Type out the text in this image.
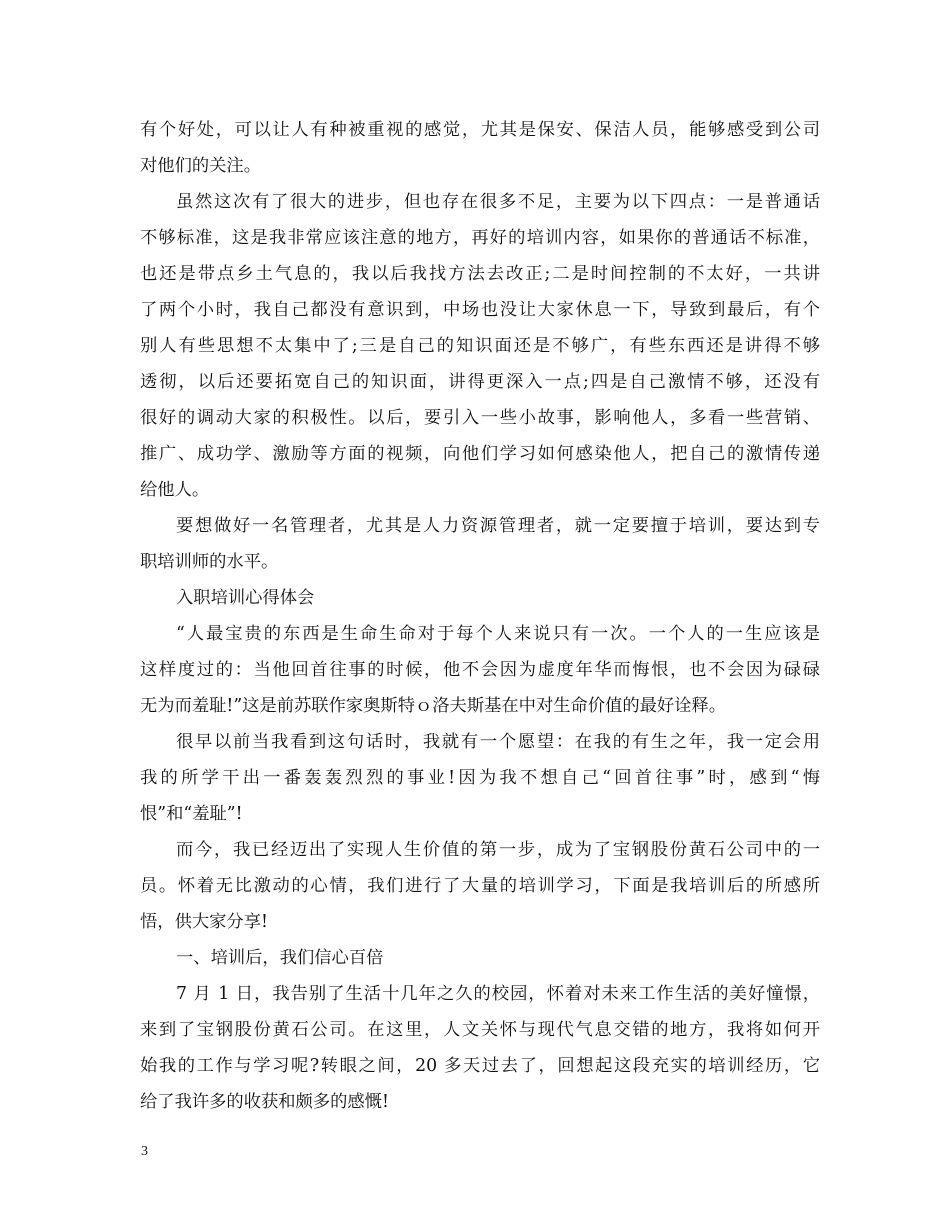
有个好处，可以让人有种被重视的感觉，尤其是保安、保洁人员，能够感受到公司
对他们的关注。
虽然这次有了很大的进步，但也存在很多不足，主要为以下四点：一是普通话
不够标准，这是我非常应该注意的地方，再好的培训内容，如果你的普通话不标准，
也还是带点乡土气息的，我以后我找方法去改正;二是时间控制的不太好，一共讲
了两个小时，我自己都没有意识到，中场也没让大家休息一下，导致到最后，有个
别人有些思想不太集中了;三是自己的知识面还是不够广，有些东西还是讲得不够
透彻，以后还要拓宽自己的知识面，讲得更深入一点;四是自己激情不够，还没有
很好的调动大家的积极性。以后，要引入一些小故事，影响他人，多看一些营销、
推广、成功学、激励等方面的视频，向他们学习如何感染他人，把自己的激情传递
给他人。
要想做好一名管理者，尤其是人力资源管理者，就一定要擅于培训，要达到专
职培训师的水平。
入职培训心得体会
“人最宝贵的东西是生命生命对于每个人来说只有一次。一个人的一生应该是
这样度过的：当他回首往事的时候，他不会因为虚度年华而悔恨，也不会因为碌碌
无为而羞耻!”这是前苏联作家奥斯特ｏ洛夫斯基在中对生命价值的最好诠释。
很早以前当我看到这句话时，我就有一个愿望：在我的有生之年，我一定会用
我的所学干出一番轰轰烈烈的事业!因为我不想自己“回首往事”时，感到“悔
恨”和“羞耻”!
而今，我已经迈出了实现人生价值的第一步，成为了宝钢股份黄石公司中的一
员。怀着无比激动的心情，我们进行了大量的培训学习，下面是我培训后的所感所
悟，供大家分享!
一、培训后，我们信心百倍
7 月 1 日，我告别了生活十几年之久的校园，怀着对未来工作生活的美好憧憬，
来到了宝钢股份黄石公司。在这里，人文关怀与现代气息交错的地方，我将如何开
始我的工作与学习呢?转眼之间，20 多天过去了，回想起这段充实的培训经历，它
给了我许多的收获和颇多的感慨!
3
